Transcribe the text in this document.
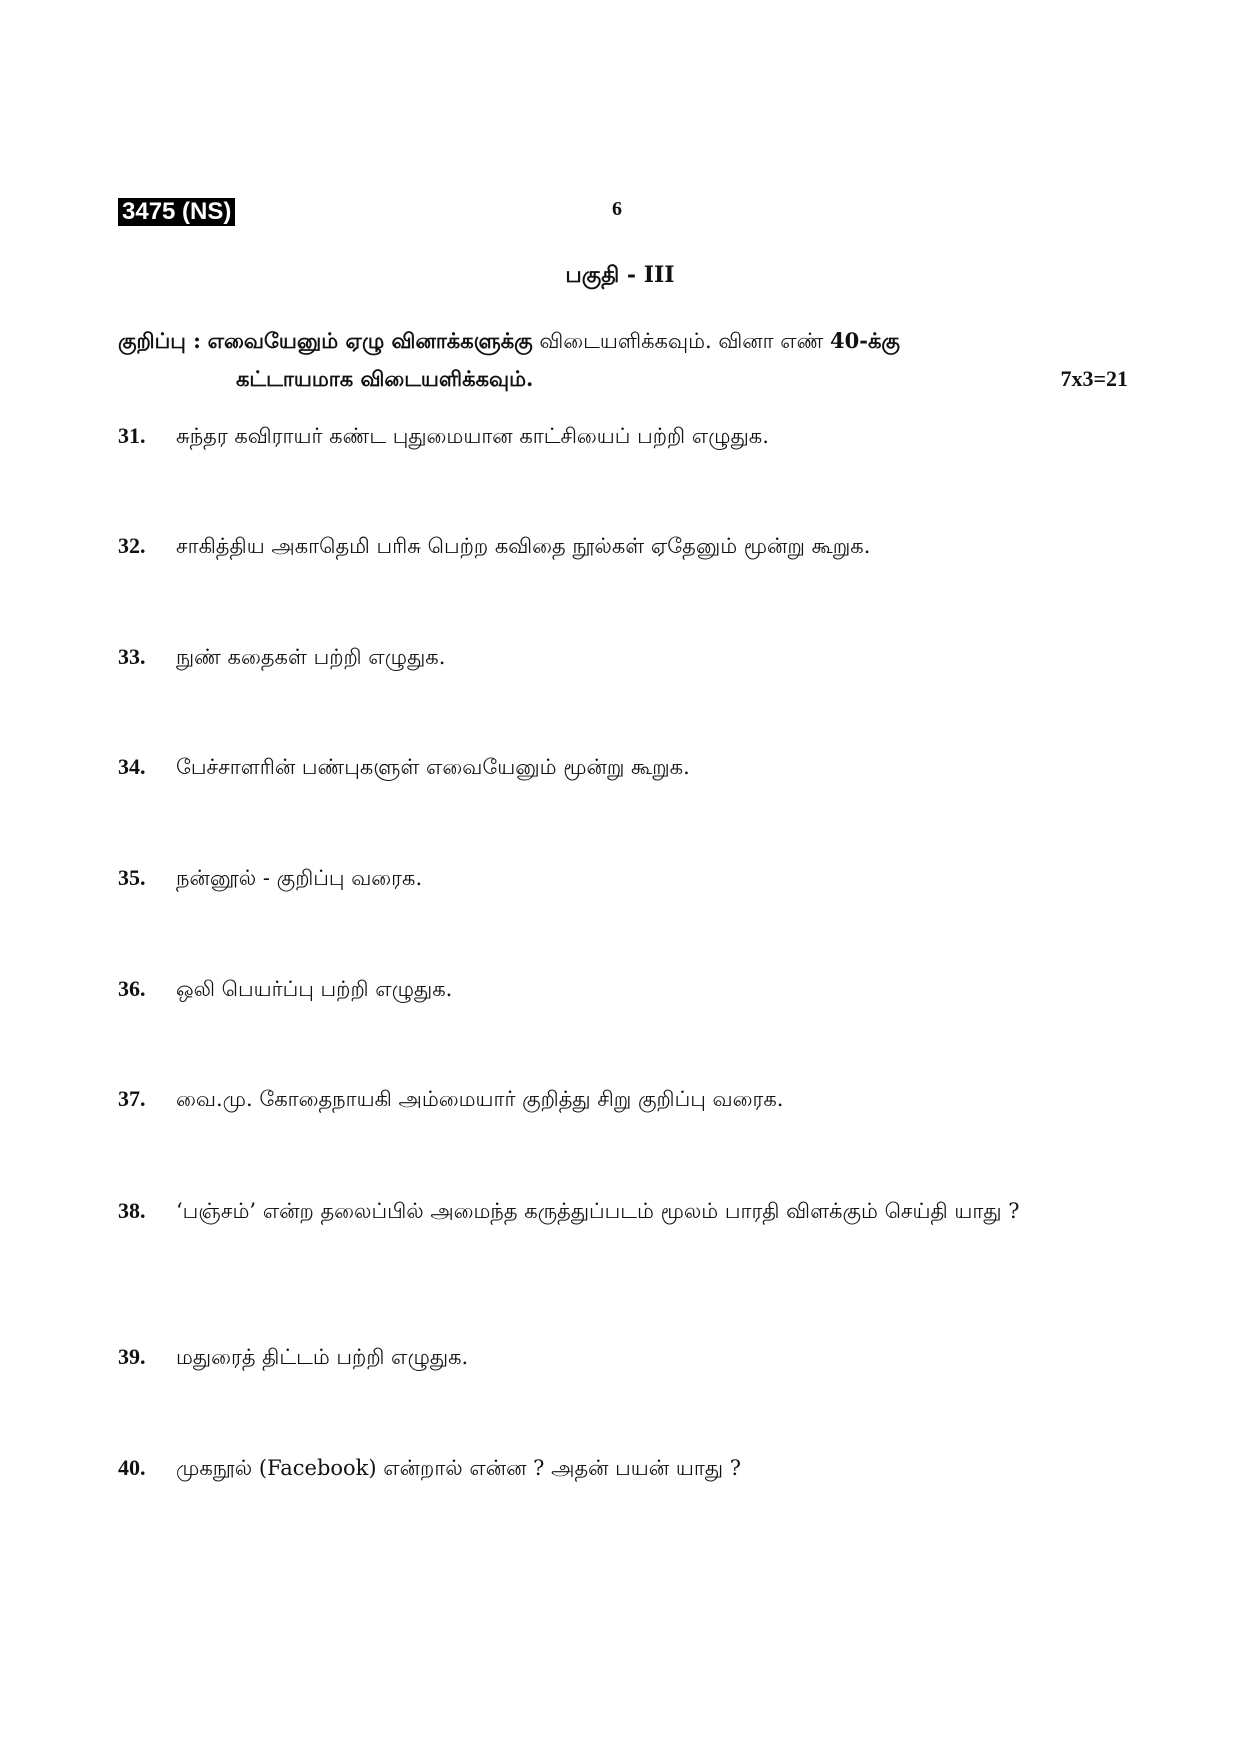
3475 (NS)	6
பகுதி - III
குறிப்பு : எவையேனும் ஏழு வினாக்களுக்கு விடையளிக்கவும். வினா எண் 40-க்கு
கட்டாயமாக விடையளிக்கவும்.	7x3=21
31.	சுந்தர கவிராயர் கண்ட புதுமையான காட்சியைப் பற்றி எழுதுக.
32.	சாகித்திய அகாதெமி பரிசு பெற்ற கவிதை நூல்கள் ஏதேனும் மூன்று கூறுக.
33.	நுண் கதைகள் பற்றி எழுதுக.
34.	பேச்சாளரின் பண்புகளுள் எவையேனும் மூன்று கூறுக.
35.	நன்னூல் - குறிப்பு வரைக.
36.	ஒலி பெயர்ப்பு பற்றி எழுதுக.
37.	வை.மு. கோதைநாயகி அம்மையார் குறித்து சிறு குறிப்பு வரைக.
38.	‘பஞ்சம்’ என்ற தலைப்பில் அமைந்த கருத்துப்படம் மூலம் பாரதி விளக்கும் செய்தி யாது ?
39.	மதுரைத் திட்டம் பற்றி எழுதுக.
40.	முகநூல் (Facebook) என்றால் என்ன ? அதன் பயன் யாது ?
